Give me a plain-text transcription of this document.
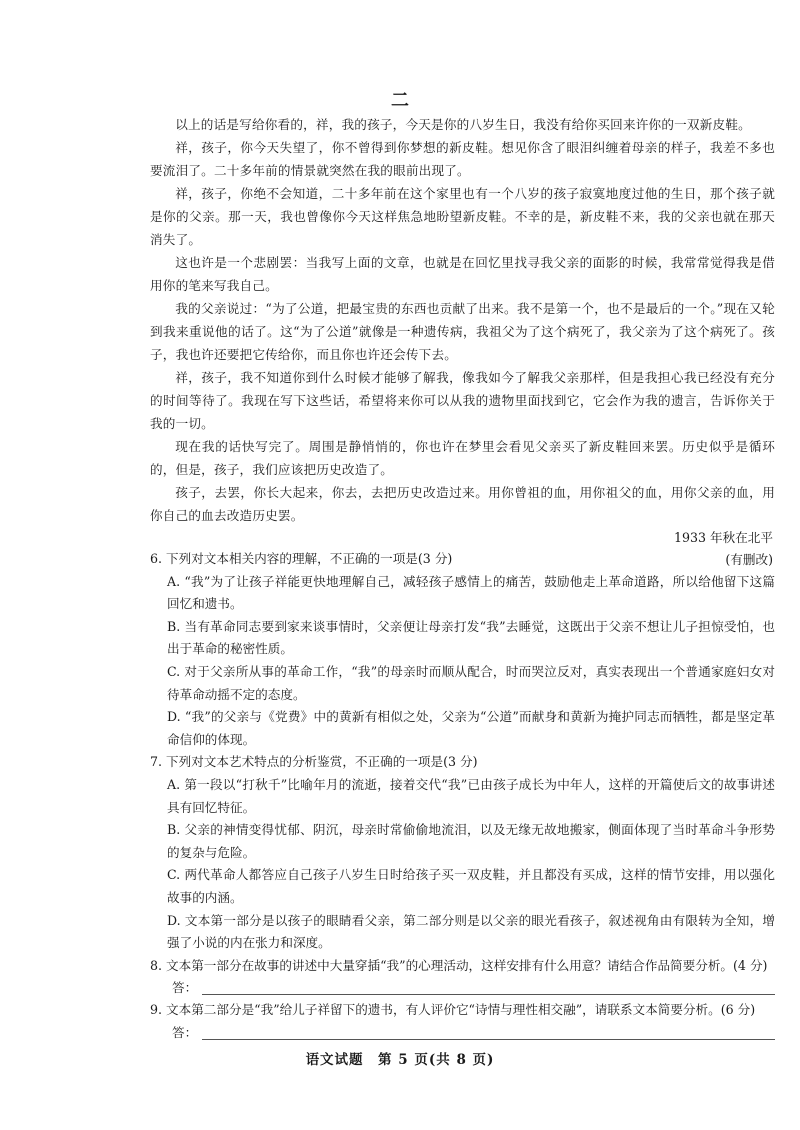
二

以上的话是写给你看的，祥，我的孩子，今天是你的八岁生日，我没有给你买回来许你的一双新皮鞋。

祥，孩子，你今天失望了，你不曾得到你梦想的新皮鞋。想见你含了眼泪纠缠着母亲的样子，我差不多也要流泪了。二十多年前的情景就突然在我的眼前出现了。

祥，孩子，你绝不会知道，二十多年前在这个家里也有一个八岁的孩子寂寞地度过他的生日，那个孩子就是你的父亲。那一天，我也曾像你今天这样焦急地盼望新皮鞋。不幸的是，新皮鞋不来，我的父亲也就在那天消失了。

这也许是一个悲剧罢：当我写上面的文章，也就是在回忆里找寻我父亲的面影的时候，我常常觉得我是借用你的笔来写我自己。

我的父亲说过：“为了公道，把最宝贵的东西也贡献了出来。我不是第一个，也不是最后的一个。”现在又轮到我来重说他的话了。这“为了公道”就像是一种遗传病，我祖父为了这个病死了，我父亲为了这个病死了。孩子，我也许还要把它传给你，而且你也许还会传下去。

祥，孩子，我不知道你到什么时候才能够了解我，像我如今了解我父亲那样，但是我担心我已经没有充分的时间等待了。我现在写下这些话，希望将来你可以从我的遗物里面找到它，它会作为我的遗言，告诉你关于我的一切。

现在我的话快写完了。周围是静悄悄的，你也许在梦里会看见父亲买了新皮鞋回来罢。历史似乎是循环的，但是，孩子，我们应该把历史改造了。

孩子，去罢，你长大起来，你去，去把历史改造过来。用你曾祖的血，用你祖父的血，用你父亲的血，用你自己的血去改造历史罢。

1933 年秋在北平

(有删改)

6. 下列对文本相关内容的理解，不正确的一项是(3 分)

A. “我”为了让孩子祥能更快地理解自己，减轻孩子感情上的痛苦，鼓励他走上革命道路，所以给他留下这篇回忆和遗书。

B. 当有革命同志要到家来谈事情时，父亲便让母亲打发“我”去睡觉，这既出于父亲不想让儿子担惊受怕，也出于革命的秘密性质。

C. 对于父亲所从事的革命工作，“我”的母亲时而顺从配合，时而哭泣反对，真实表现出一个普通家庭妇女对待革命动摇不定的态度。

D. “我”的父亲与《党费》中的黄新有相似之处，父亲为“公道”而献身和黄新为掩护同志而牺牲，都是坚定革命信仰的体现。

7. 下列对文本艺术特点的分析鉴赏，不正确的一项是(3 分)

A. 第一段以“打秋千”比喻年月的流逝，接着交代“我”已由孩子成长为中年人，这样的开篇使后文的故事讲述具有回忆特征。

B. 父亲的神情变得忧郁、阴沉，母亲时常偷偷地流泪，以及无缘无故地搬家，侧面体现了当时革命斗争形势的复杂与危险。

C. 两代革命人都答应自己孩子八岁生日时给孩子买一双皮鞋，并且都没有买成，这样的情节安排，用以强化故事的内涵。

D. 文本第一部分是以孩子的眼睛看父亲，第二部分则是以父亲的眼光看孩子，叙述视角由有限转为全知，增强了小说的内在张力和深度。

8. 文本第一部分在故事的讲述中大量穿插“我”的心理活动，这样安排有什么用意？请结合作品简要分析。(4 分)

答：

9. 文本第二部分是“我”给儿子祥留下的遗书，有人评价它“诗情与理性相交融”，请联系文本简要分析。(6 分)

答：
语文试题　第 5 页(共 8 页)
